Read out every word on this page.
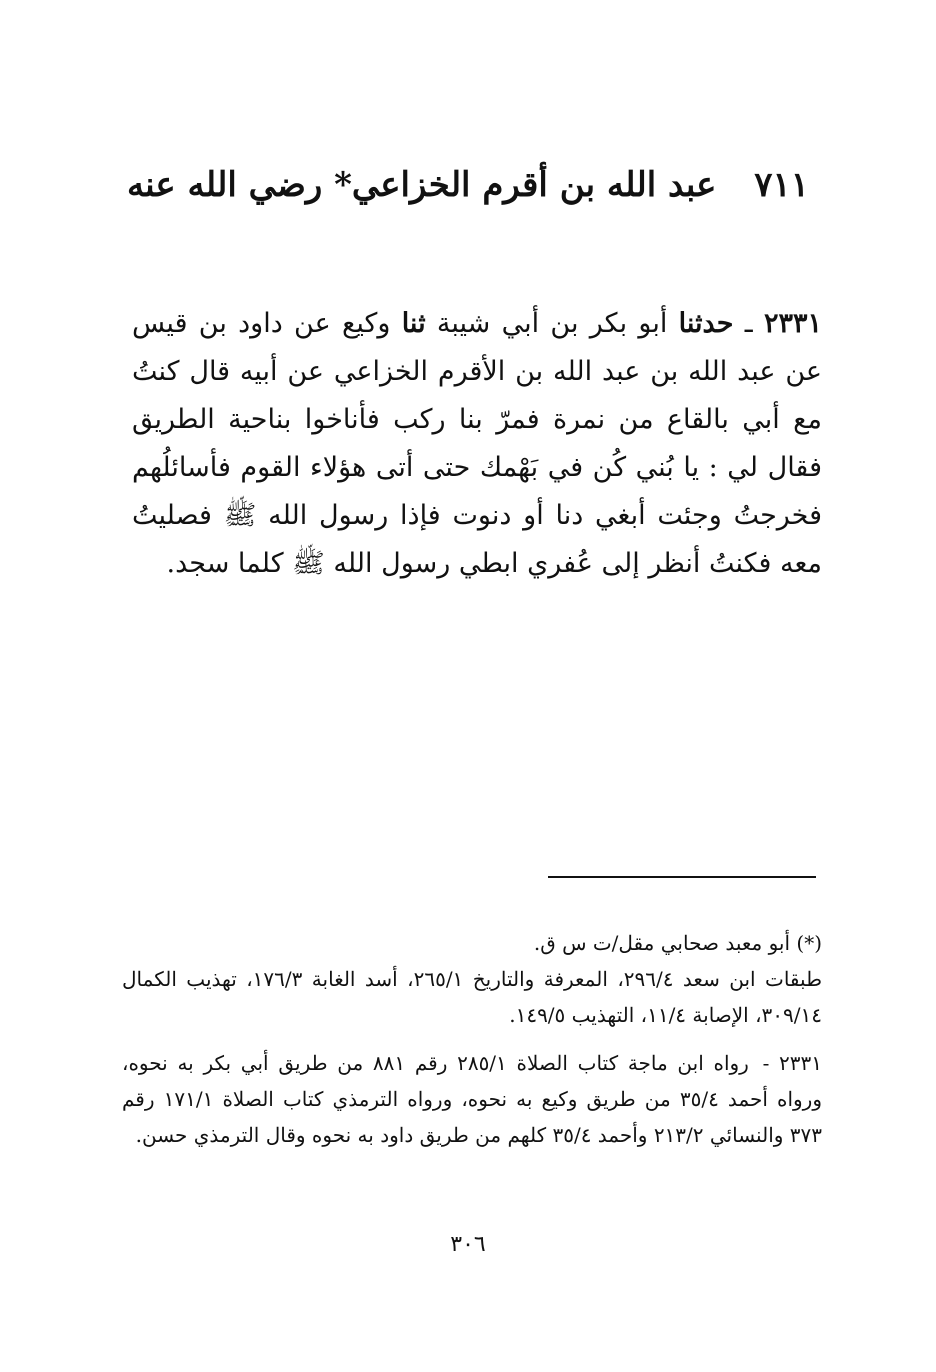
٧١١ عبد الله بن أقرم الخزاعي* رضي الله عنه
٢٣٣١ ـ حدثنا أبو بكر بن أبي شيبة ثنا وكيع عن داود بن قيس عن عبد الله بن عبد الله بن الأقرم الخزاعي عن أبيه قال كنتُ مع أبي بالقاع من نمرة فمرّ بنا ركب فأناخوا بناحية الطريق فقال لي : يا بُني كُن في بَهْمك حتى أتى هؤلاء القوم فأسائلُهم فخرجتُ وجئت أبغي دنا أو دنوت فإذا رسول الله ﷺ فصليتُ معه فكنتُ أنظر إلى عُفري ابطي رسول الله ﷺ كلما سجد.
(*) أبو معبد صحابي مقل/ت س ق.
طبقات ابن سعد ٢٩٦/٤، المعرفة والتاريخ ٢٦٥/١، أسد الغابة ١٧٦/٣، تهذيب الكمال ٣٠٩/١٤، الإصابة ١١/٤، التهذيب ١٤٩/٥.
٢٣٣١ - رواه ابن ماجة كتاب الصلاة ٢٨٥/١ رقم ٨٨١ من طريق أبي بكر به نحوه، ورواه أحمد ٣٥/٤ من طريق وكيع به نحوه، ورواه الترمذي كتاب الصلاة ١٧١/١ رقم ٣٧٣ والنسائي ٢١٣/٢ وأحمد ٣٥/٤ كلهم من طريق داود به نحوه وقال الترمذي حسن.
٣٠٦
